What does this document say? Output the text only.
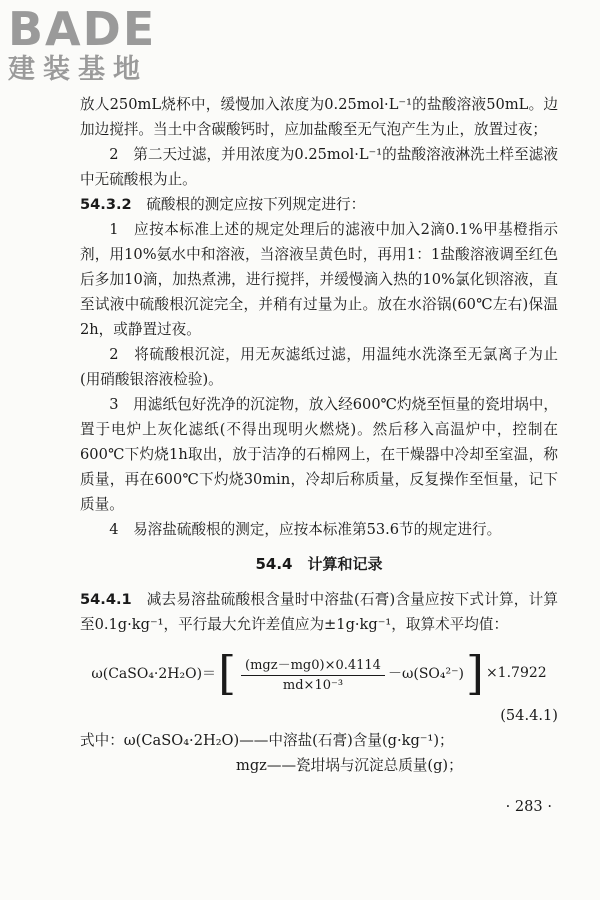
BADE
建装基地

放人250mL烧杯中，缓慢加入浓度为0.25mol·L⁻¹的盐酸溶液50mL。边加边搅拌。当土中含碳酸钙时，应加盐酸至无气泡产生为止，放置过夜；

2　第二天过滤，并用浓度为0.25mol·L⁻¹的盐酸溶液淋洗土样至滤液中无硫酸根为止。

54.3.2　硫酸根的测定应按下列规定进行：

1　应按本标准上述的规定处理后的滤液中加入2滴0.1%甲基橙指示剂，用10%氨水中和溶液，当溶液呈黄色时，再用1：1盐酸溶液调至红色后多加10滴，加热煮沸，进行搅拌，并缓慢滴入热的10%氯化钡溶液，直至试液中硫酸根沉淀完全，并稍有过量为止。放在水浴锅(60℃左右)保温2h，或静置过夜。

2　将硫酸根沉淀，用无灰滤纸过滤，用温纯水洗涤至无氯离子为止(用硝酸银溶液检验)。

3　用滤纸包好洗净的沉淀物，放入经600℃灼烧至恒量的瓷坩埚中，置于电炉上灰化滤纸(不得出现明火燃烧)。然后移入高温炉中，控制在600℃下灼烧1h取出，放于洁净的石棉网上，在干燥器中冷却至室温，称质量，再在600℃下灼烧30min，冷却后称质量，反复操作至恒量，记下质量。

4　易溶盐硫酸根的测定，应按本标准第53.6节的规定进行。

54.4　计算和记录

54.4.1　减去易溶盐硫酸根含量时中溶盐(石膏)含量应按下式计算，计算至0.1g·kg⁻¹，平行最大允许差值应为±1g·kg⁻¹，取算术平均值：

ω(CaSO₄·2H₂O)＝ [ $\frac{\text{(mgz－mg0)×0.4114}}{\text{md×10⁻³}} -\omega(SO_4^{2-})$ ] ×1.7922

(54.4.1)

式中：ω(CaSO₄·2H₂O)——中溶盐(石膏)含量(g·kg⁻¹)；

mgz——瓷坩埚与沉淀总质量(g)；

· 283 ·
